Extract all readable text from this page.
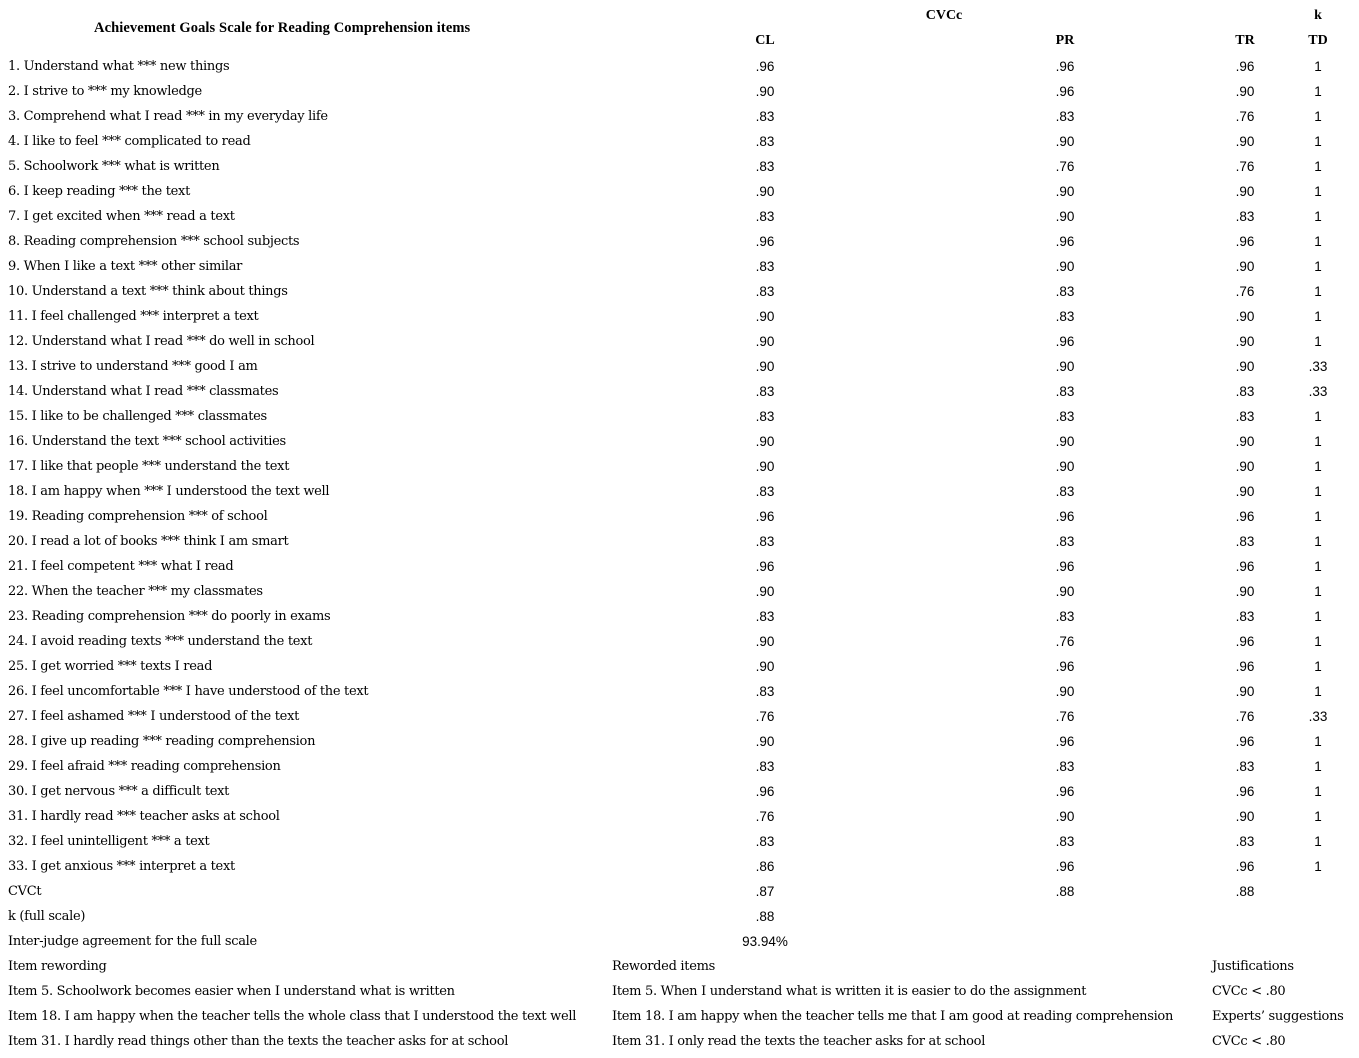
Achievement Goals Scale for Reading Comprehension items
CVCc	k
CL	PR	TR	TD
1. Understand what *** new things	.96	.96	.96	1
2. I strive to *** my knowledge	.90	.96	.90	1
3. Comprehend what I read *** in my everyday life	.83	.83	.76	1
4. I like to feel *** complicated to read	.83	.90	.90	1
5. Schoolwork *** what is written	.83	.76	.76	1
6. I keep reading *** the text	.90	.90	.90	1
7. I get excited when *** read a text	.83	.90	.83	1
8. Reading comprehension *** school subjects	.96	.96	.96	1
9. When I like a text *** other similar	.83	.90	.90	1
10. Understand a text *** think about things	.83	.83	.76	1
11. I feel challenged *** interpret a text	.90	.83	.90	1
12. Understand what I read *** do well in school	.90	.96	.90	1
13. I strive to understand *** good I am	.90	.90	.90	.33
14. Understand what I read *** classmates	.83	.83	.83	.33
15. I like to be challenged *** classmates	.83	.83	.83	1
16. Understand the text *** school activities	.90	.90	.90	1
17. I like that people *** understand the text	.90	.90	.90	1
18. I am happy when *** I understood the text well	.83	.83	.90	1
19. Reading comprehension *** of school	.96	.96	.96	1
20. I read a lot of books *** think I am smart	.83	.83	.83	1
21. I feel competent *** what I read	.96	.96	.96	1
22. When the teacher *** my classmates	.90	.90	.90	1
23. Reading comprehension *** do poorly in exams	.83	.83	.83	1
24. I avoid reading texts *** understand the text	.90	.76	.96	1
25. I get worried *** texts I read	.90	.96	.96	1
26. I feel uncomfortable *** I have understood of the text	.83	.90	.90	1
27. I feel ashamed *** I understood of the text	.76	.76	.76	.33
28. I give up reading *** reading comprehension	.90	.96	.96	1
29. I feel afraid *** reading comprehension	.83	.83	.83	1
30. I get nervous *** a difficult text	.96	.96	.96	1
31. I hardly read *** teacher asks at school	.76	.90	.90	1
32. I feel unintelligent *** a text	.83	.83	.83	1
33. I get anxious *** interpret a text	.86	.96	.96	1
CVCt	.87	.88	.88
k (full scale)	.88
Inter-judge agreement for the full scale	93.94%
Item rewording	Reworded items	Justifications
Item 5. Schoolwork becomes easier when I understand what is written	Item 5. When I understand what is written it is easier to do the assignment	CVCc < .80
Item 18. I am happy when the teacher tells the whole class that I understood the text well	Item 18. I am happy when the teacher tells me that I am good at reading comprehension	Experts’ suggestions
Item 31. I hardly read things other than the texts the teacher asks for at school	Item 31. I only read the texts the teacher asks for at school	CVCc < .80
